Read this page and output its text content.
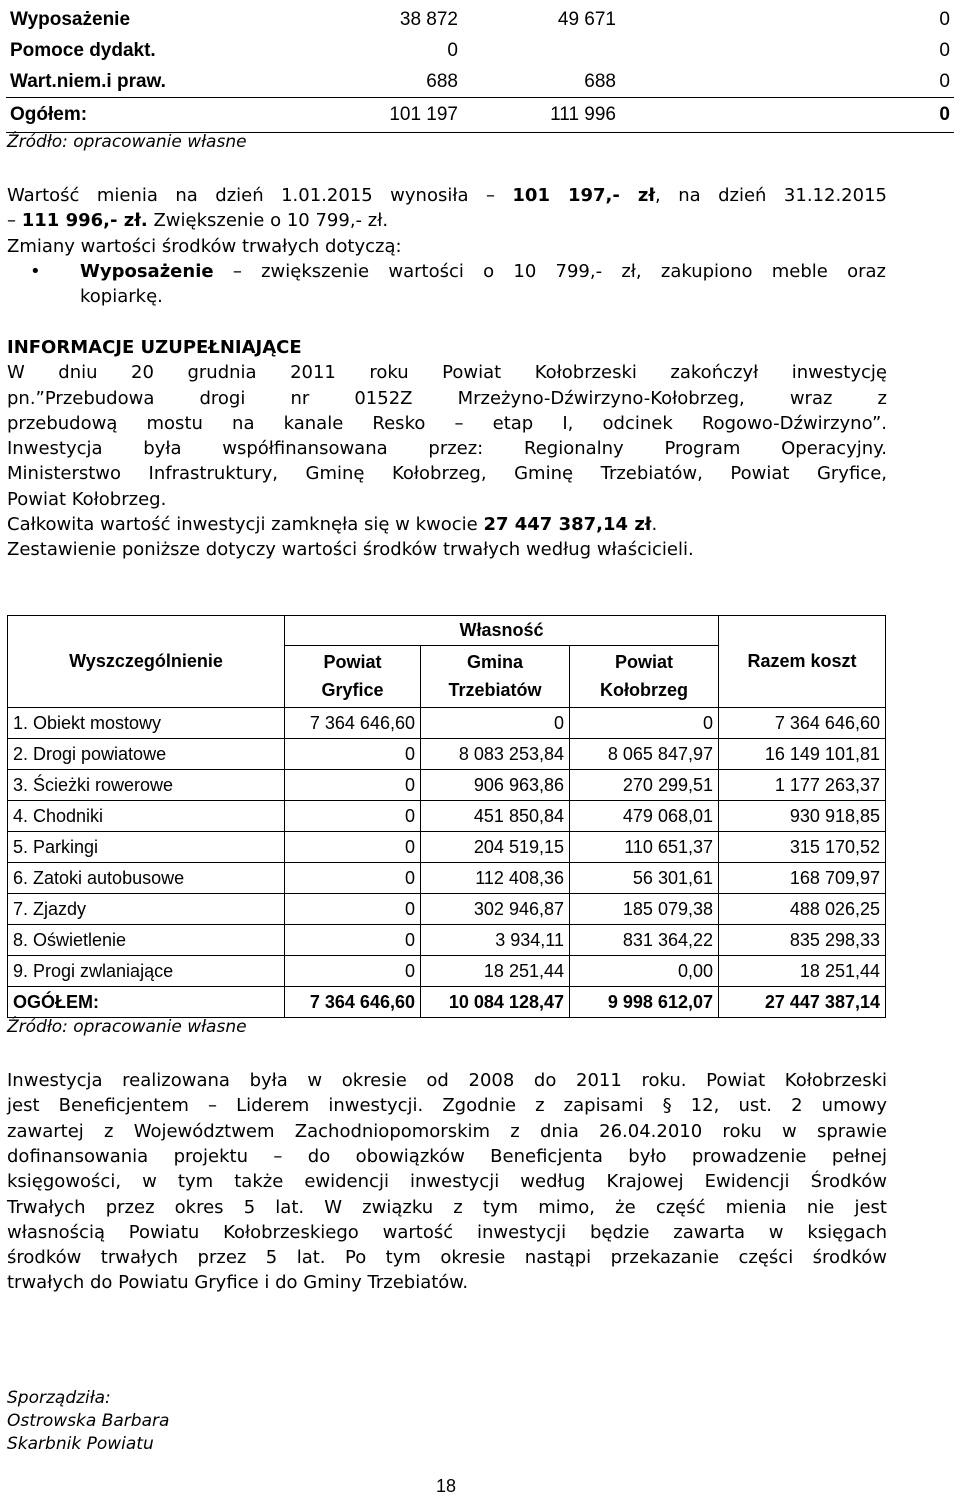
Wyposażenie	38 872	49 671	0
Pomoce dydakt.	0		0
Wart.niem.i praw.	688	688	0
Ogółem:	101 197	111 996	0
Źródło: opracowanie własne
Wartość mienia na dzień 1.01.2015 wynosiła – 101 197,- zł, na dzień 31.12.2015
– 111 996,- zł. Zwiększenie o 10 799,- zł.
Zmiany wartości środków trwałych dotyczą:
• Wyposażenie – zwiększenie wartości o 10 799,- zł, zakupiono meble oraz
kopiarkę.
INFORMACJE UZUPEŁNIAJĄCE
W dniu 20 grudnia 2011 roku Powiat Kołobrzeski zakończył inwestycję
pn.”Przebudowa drogi nr 0152Z Mrzeżyno-Dźwirzyno-Kołobrzeg, wraz z
przebudową mostu na kanale Resko – etap I, odcinek Rogowo-Dźwirzyno”.
Inwestycja była współfinansowana przez: Regionalny Program Operacyjny.
Ministerstwo Infrastruktury, Gminę Kołobrzeg, Gminę Trzebiatów, Powiat Gryfice,
Powiat Kołobrzeg.
Całkowita wartość inwestycji zamknęła się w kwocie 27 447 387,14 zł.
Zestawienie poniższe dotyczy wartości środków trwałych według właścicieli.
Wyszczególnienie	Własność			Razem koszt
	Powiat Gryfice	Gmina Trzebiatów	Powiat Kołobrzeg	
1. Obiekt mostowy	7 364 646,60	0	0	7 364 646,60
2. Drogi powiatowe	0	8 083 253,84	8 065 847,97	16 149 101,81
3. Ścieżki rowerowe	0	906 963,86	270 299,51	1 177 263,37
4. Chodniki	0	451 850,84	479 068,01	930 918,85
5. Parkingi	0	204 519,15	110 651,37	315 170,52
6. Zatoki autobusowe	0	112 408,36	56 301,61	168 709,97
7. Zjazdy	0	302 946,87	185 079,38	488 026,25
8. Oświetlenie	0	3 934,11	831 364,22	835 298,33
9. Progi zwlaniające	0	18 251,44	0,00	18 251,44
OGÓŁEM:	7 364 646,60	10 084 128,47	9 998 612,07	27 447 387,14
Źródło: opracowanie własne
Inwestycja realizowana była w okresie od 2008 do 2011 roku. Powiat Kołobrzeski
jest Beneficjentem – Liderem inwestycji. Zgodnie z zapisami § 12, ust. 2 umowy
zawartej z Województwem Zachodniopomorskim z dnia 26.04.2010 roku w sprawie
dofinansowania projektu – do obowiązków Beneficjenta było prowadzenie pełnej
księgowości, w tym także ewidencji inwestycji według Krajowej Ewidencji Środków
Trwałych przez okres 5 lat. W związku z tym mimo, że część mienia nie jest
własnością Powiatu Kołobrzeskiego wartość inwestycji będzie zawarta w księgach
środków trwałych przez 5 lat. Po tym okresie nastąpi przekazanie części środków
trwałych do Powiatu Gryfice i do Gminy Trzebiatów.
Sporządziła:
Ostrowska Barbara
Skarbnik Powiatu
18
